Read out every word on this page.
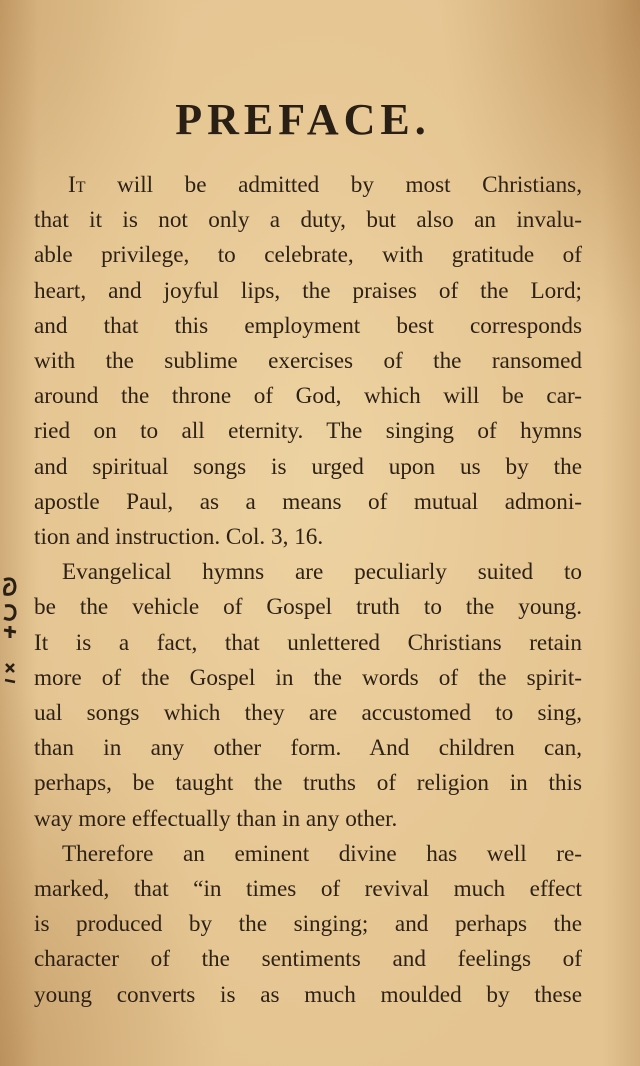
PREFACE.
It will be admitted by most Christians,
that it is not only a duty, but also an invalu-
able privilege, to celebrate, with gratitude of
heart, and joyful lips, the praises of the Lord;
and that this employment best corresponds
with the sublime exercises of the ransomed
around the throne of God, which will be car-
ried on to all eternity. The singing of hymns
and spiritual songs is urged upon us by the
apostle Paul, as a means of mutual admoni-
tion and instruction. Col. 3, 16.
Evangelical hymns are peculiarly suited to
be the vehicle of Gospel truth to the young.
It is a fact, that unlettered Christians retain
more of the Gospel in the words of the spirit-
ual songs which they are accustomed to sing,
than in any other form. And children can,
perhaps, be taught the truths of religion in this
way more effectually than in any other.
Therefore an eminent divine has well re-
marked, that “in times of revival much effect
is produced by the singing; and perhaps the
character of the sentiments and feelings of
young converts is as much moulded by these
